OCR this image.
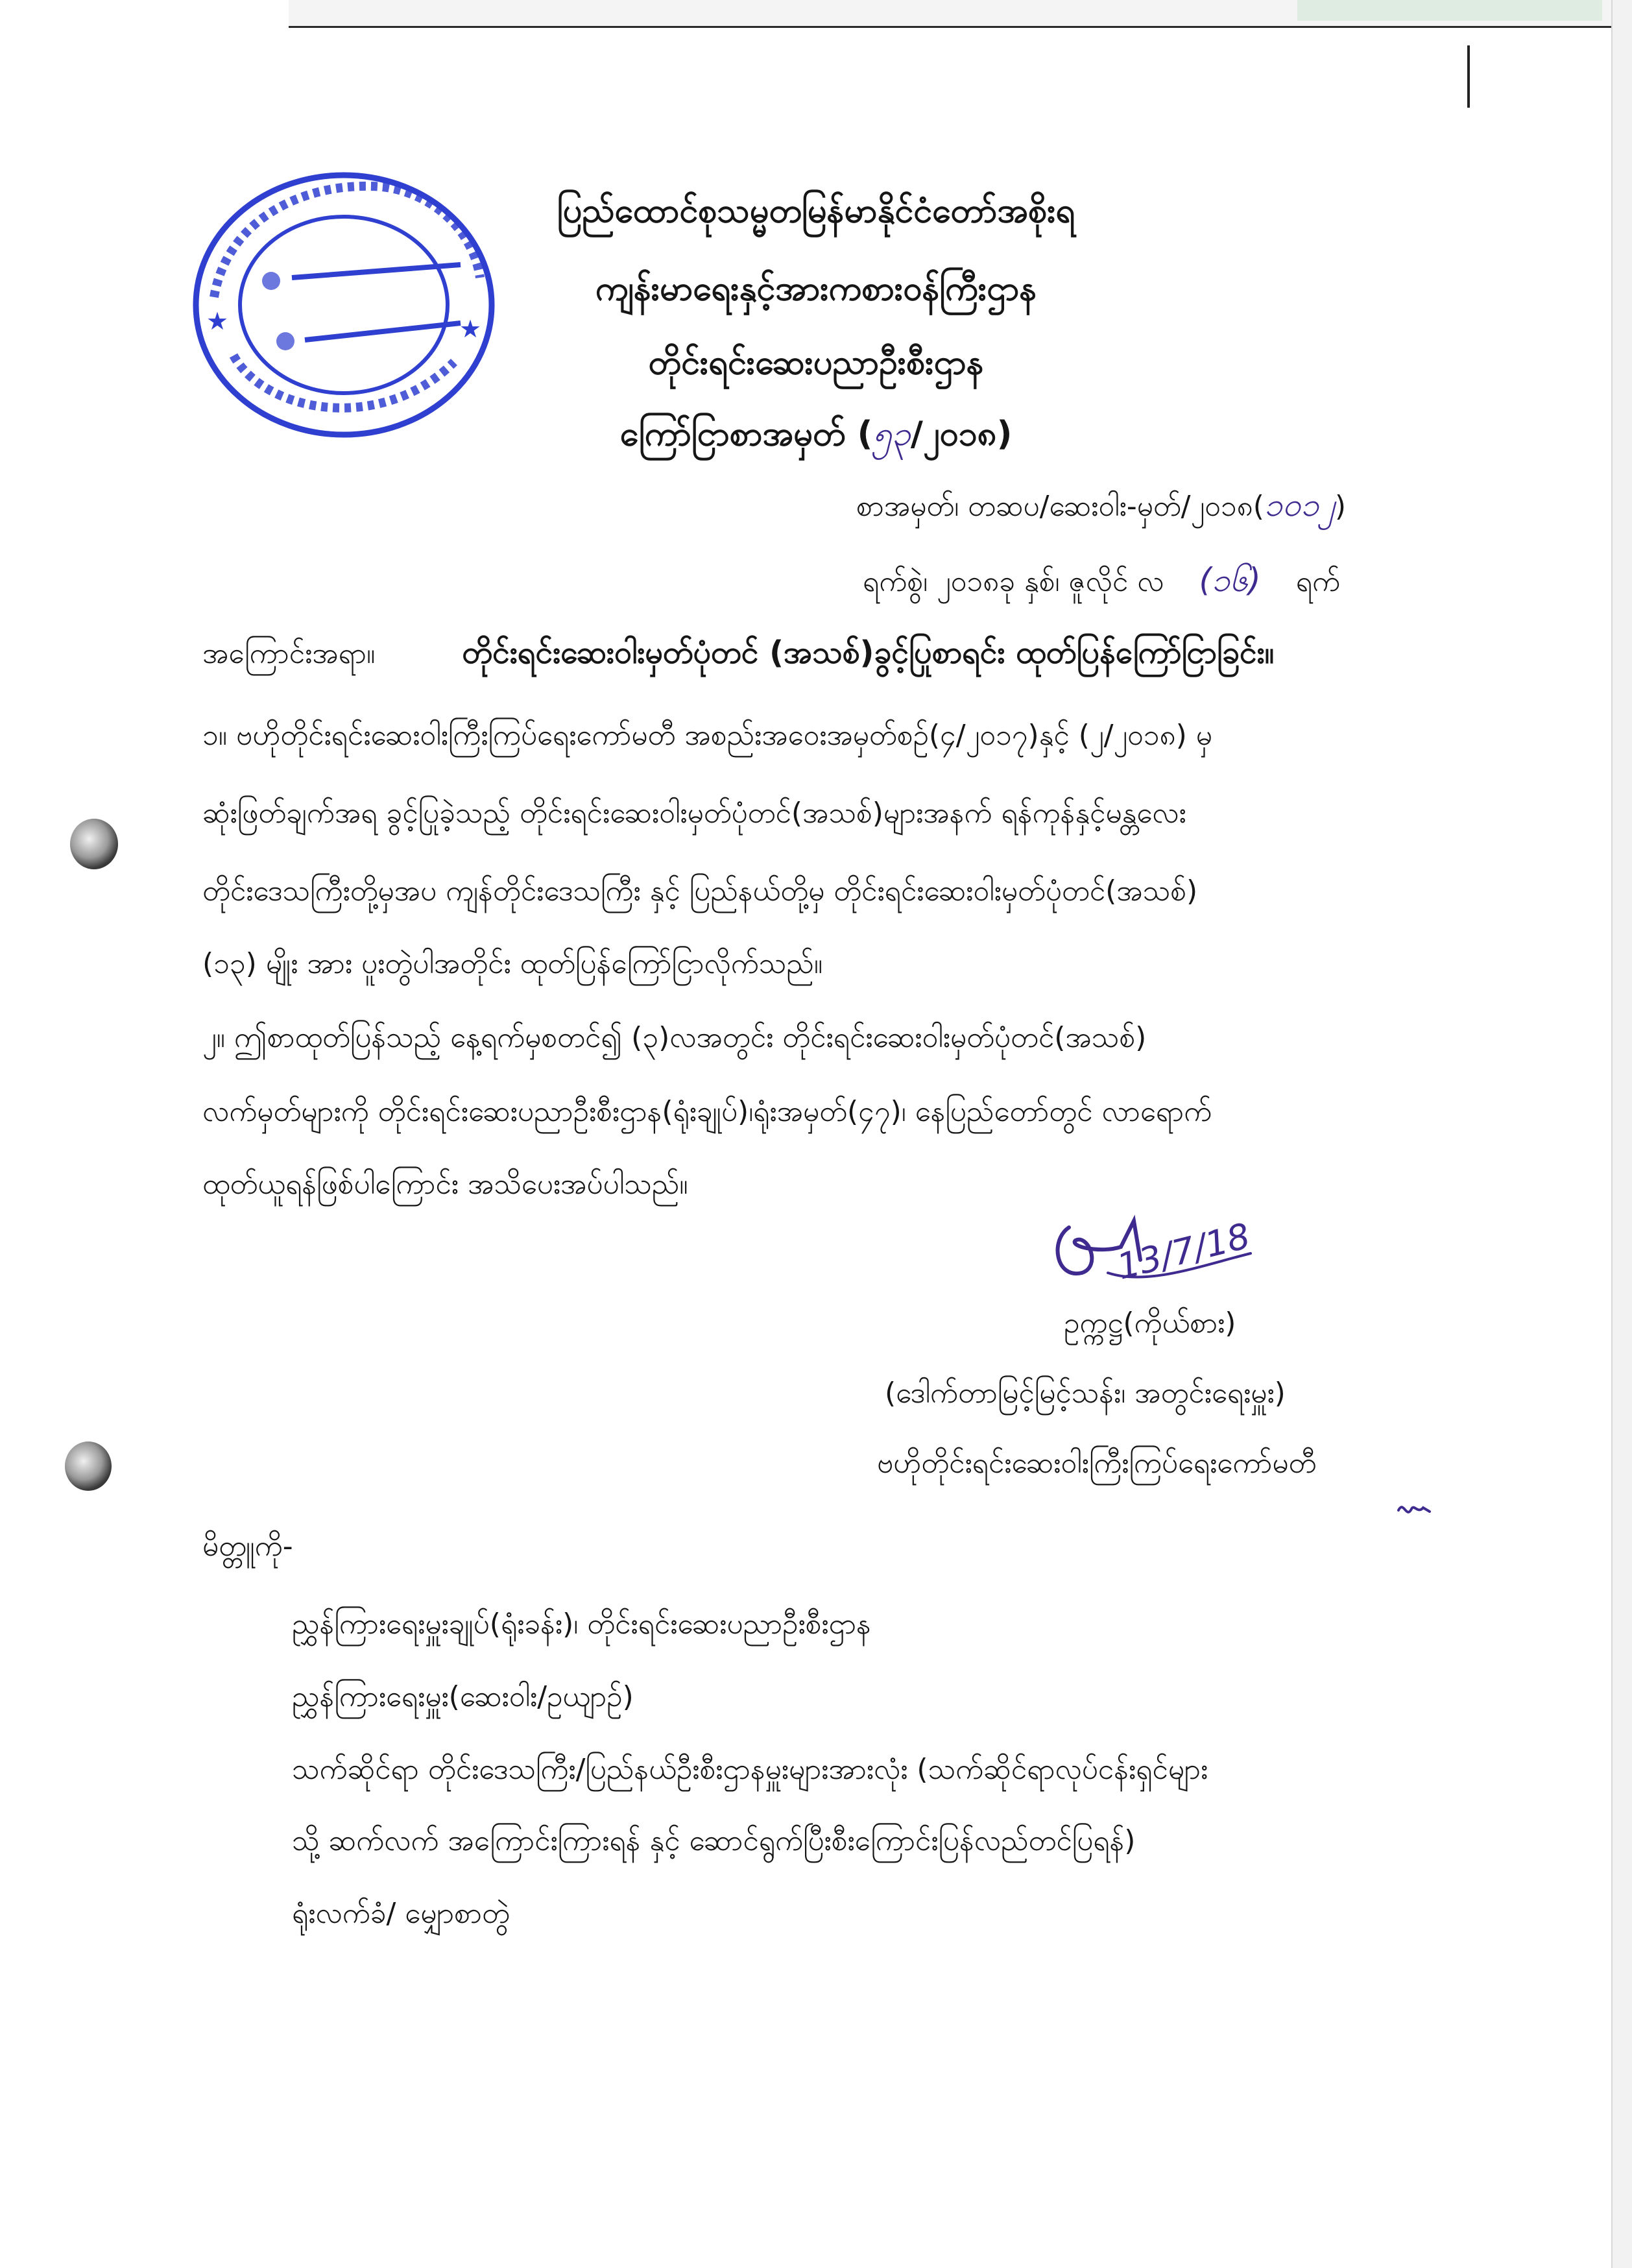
★	★
ပြည်ထောင်စုသမ္မတမြန်မာနိုင်ငံတော်အစိုးရ
ကျန်းမာရေးနှင့်အားကစားဝန်ကြီးဌာန
တိုင်းရင်းဆေးပညာဦးစီးဌာန
ကြော်ငြာစာအမှတ် (၅၃/၂၀၁၈)
စာအမှတ်၊ တဆပ/ဆေးဝါး-မှတ်/၂၀၁၈(၁၀၁၂)
ရက်စွဲ၊ ၂၀၁၈ခု နှစ်၊ ဇူလိုင် လ (၁၆) ရက်
အကြောင်းအရာ။	တိုင်းရင်းဆေးဝါးမှတ်ပုံတင် (အသစ်)ခွင့်ပြုစာရင်း ထုတ်ပြန်ကြော်ငြာခြင်း။
၁။ ဗဟိုတိုင်းရင်းဆေးဝါးကြီးကြပ်ရေးကော်မတီ အစည်းအဝေးအမှတ်စဉ်(၄/၂၀၁၇)နှင့် (၂/၂၀၁၈) မှ
ဆုံးဖြတ်ချက်အရ ခွင့်ပြုခဲ့သည့် တိုင်းရင်းဆေးဝါးမှတ်ပုံတင်(အသစ်)များအနက် ရန်ကုန်နှင့်မန္တလေး
တိုင်းဒေသကြီးတို့မှအပ ကျန်တိုင်းဒေသကြီး နှင့် ပြည်နယ်တို့မှ တိုင်းရင်းဆေးဝါးမှတ်ပုံတင်(အသစ်)
(၁၃) မျိုး အား ပူးတွဲပါအတိုင်း ထုတ်ပြန်ကြော်ငြာလိုက်သည်။
၂။ ဤစာထုတ်ပြန်သည့် နေ့ရက်မှစတင်၍ (၃)လအတွင်း တိုင်းရင်းဆေးဝါးမှတ်ပုံတင်(အသစ်)
လက်မှတ်များကို တိုင်းရင်းဆေးပညာဦးစီးဌာန(ရုံးချုပ်)၊ရုံးအမှတ်(၄၇)၊ နေပြည်တော်တွင် လာရောက်
ထုတ်ယူရန်ဖြစ်ပါကြောင်း အသိပေးအပ်ပါသည်။
13/7/18
ဥက္ကဋ္ဌ(ကိုယ်စား)
(ဒေါက်တာမြင့်မြင့်သန်း၊ အတွင်းရေးမှူး)
ဗဟိုတိုင်းရင်းဆေးဝါးကြီးကြပ်ရေးကော်မတီ
မိတ္တူကို-
ညွှန်ကြားရေးမှူးချုပ်(ရုံးခန်း)၊ တိုင်းရင်းဆေးပညာဦးစီးဌာန
ညွှန်ကြားရေးမှူး(ဆေးဝါး/ဥယျာဉ်)
သက်ဆိုင်ရာ တိုင်းဒေသကြီး/ပြည်နယ်ဦးစီးဌာနမှူးများအားလုံး (သက်ဆိုင်ရာလုပ်ငန်းရှင်များ
သို့ ဆက်လက် အကြောင်းကြားရန် နှင့် ဆောင်ရွက်ပြီးစီးကြောင်းပြန်လည်တင်ပြရန်)
ရုံးလက်ခံ/ မျှောစာတွဲ
